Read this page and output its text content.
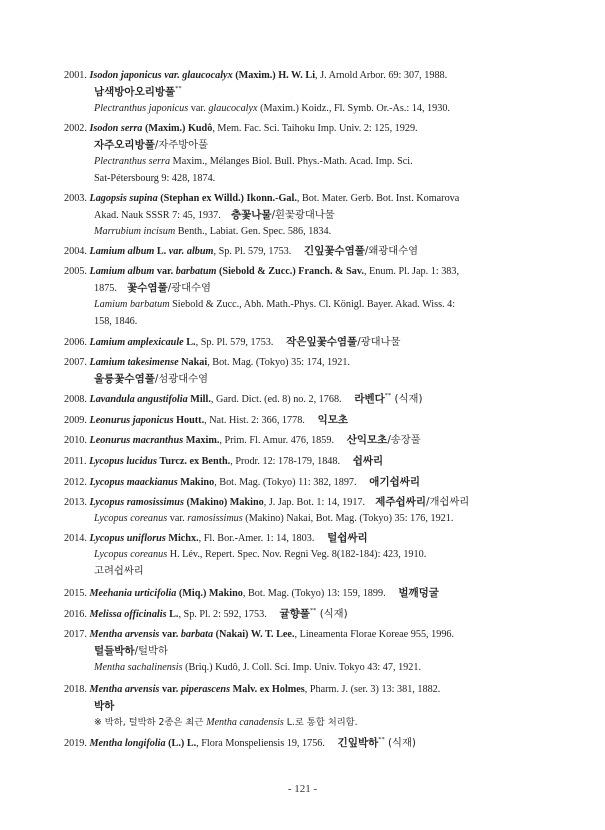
2001. Isodon japonicus var. glaucocalyx (Maxim.) H. W. Li, J. Arnold Arbor. 69: 307, 1988.
남색방아오리방풀**
Plectranthus japonicus var. glaucocalyx (Maxim.) Koidz., Fl. Symb. Or.-As.: 14, 1930.
2002. Isodon serra (Maxim.) Kudô, Mem. Fac. Sci. Taihoku Imp. Univ. 2: 125, 1929.
자주오리방풀/자주방아풀
Plectranthus serra Maxim., Mélanges Biol. Bull. Phys.-Math. Acad. Imp. Sci.
Sat-Pétersbourg 9: 428, 1874.
2003. Lagopsis supina (Stephan ex Willd.) Ikonn.-Gal., Bot. Mater. Gerb. Bot. Inst. Komarova
Akad. Nauk SSSR 7: 45, 1937. 층꽃나물/흰꽃광대나물
Marrubium incisum Benth., Labiat. Gen. Spec. 586, 1834.
2004. Lamium album L. var. album, Sp. Pl. 579, 1753. 긴잎꽃수염풀/왜광대수염
2005. Lamium album var. barbatum (Siebold & Zucc.) Franch. & Sav., Enum. Pl. Jap. 1: 383,
1875. 꽃수염풀/광대수염
Lamium barbatum Siebold & Zucc., Abh. Math.-Phys. Cl. Königl. Bayer. Akad. Wiss. 4:
158, 1846.
2006. Lamium amplexicaule L., Sp. Pl. 579, 1753. 작은잎꽃수염풀/광대나물
2007. Lamium takesimense Nakai, Bot. Mag. (Tokyo) 35: 174, 1921.
울릉꽃수염풀/섬광대수염
2008. Lavandula angustifolia Mill., Gard. Dict. (ed. 8) no. 2, 1768. 라벤다** (식재)
2009. Leonurus japonicus Houtt., Nat. Hist. 2: 366, 1778. 익모초
2010. Leonurus macranthus Maxim., Prim. Fl. Amur. 476, 1859. 산익모초/송장풀
2011. Lycopus lucidus Turcz. ex Benth., Prodr. 12: 178-179, 1848. 쉽싸리
2012. Lycopus maackianus Makino, Bot. Mag. (Tokyo) 11: 382, 1897. 애기쉽싸리
2013. Lycopus ramosissimus (Makino) Makino, J. Jap. Bot. 1: 14, 1917. 제주쉽싸리/개쉽싸리
Lycopus coreanus var. ramosissimus (Makino) Nakai, Bot. Mag. (Tokyo) 35: 176, 1921.
2014. Lycopus uniflorus Michx., Fl. Bor.-Amer. 1: 14, 1803. 털쉽싸리
Lycopus coreanus H. Lév., Repert. Spec. Nov. Regni Veg. 8(182-184): 423, 1910.
고려쉽싸리
2015. Meehania urticifolia (Miq.) Makino, Bot. Mag. (Tokyo) 13: 159, 1899. 벌깨덩굴
2016. Melissa officinalis L., Sp. Pl. 2: 592, 1753. 귤향풀** (식재)
2017. Mentha arvensis var. barbata (Nakai) W. T. Lee., Lineamenta Florae Koreae 955, 1996.
털들박하/털박하
Mentha sachalinensis (Briq.) Kudô, J. Coll. Sci. Imp. Univ. Tokyo 43: 47, 1921.
2018. Mentha arvensis var. piperascens Malv. ex Holmes, Pharm. J. (ser. 3) 13: 381, 1882.
박하
※ 박하, 털박하 2종은 최근 Mentha canadensis L.로 통합 처리함.
2019. Mentha longifolia (L.) L., Flora Monspeliensis 19, 1756. 긴잎박하** (식재)
- 121 -
